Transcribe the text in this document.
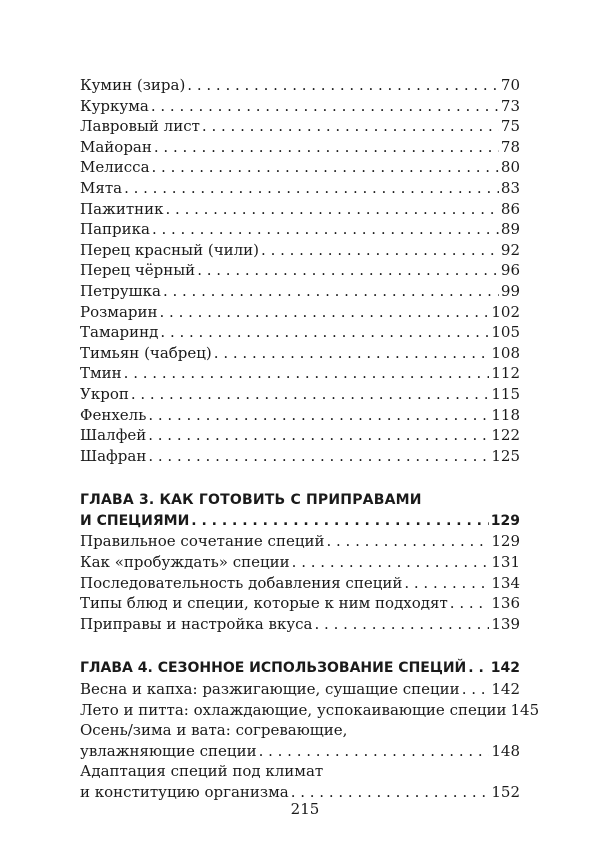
Кумин (зира) . . .	70
Куркума . . .	73
Лавровый лист . . .	75
Майоран . . .	78
Мелисса . . .	80
Мята . . .	83
Пажитник . . .	86
Паприка . . .	89
Перец красный (чили) . . .	92
Перец чёрный . . .	96
Петрушка . . .	99
Розмарин . . .	102
Тамаринд . . .	105
Тимьян (чабрец) . . .	108
Тмин . . .	112
Укроп . . .	115
Фенхель . . .	118
Шалфей . . .	122
Шафран . . .	125
ГЛАВА 3. КАК ГОТОВИТЬ С ПРИПРАВАМИ
И СПЕЦИЯМИ . . .	129
Правильное сочетание специй . . .	129
Как «пробуждать» специи . . .	131
Последовательность добавления специй . . .	134
Типы блюд и специи, которые к ним подходят . . .	136
Приправы и настройка вкуса . . .	139
ГЛАВА 4. СЕЗОННОЕ ИСПОЛЬЗОВАНИЕ СПЕЦИЙ . . . 142
Весна и капха: разжигающие, сушащие специи . . . 142
Лето и питта: охлаждающие, успокаивающие специи 145
Осень/зима и вата: согревающие,
увлажняющие специи . . .	148
Адаптация специй под климат
и конституцию организма . . .	152
215
